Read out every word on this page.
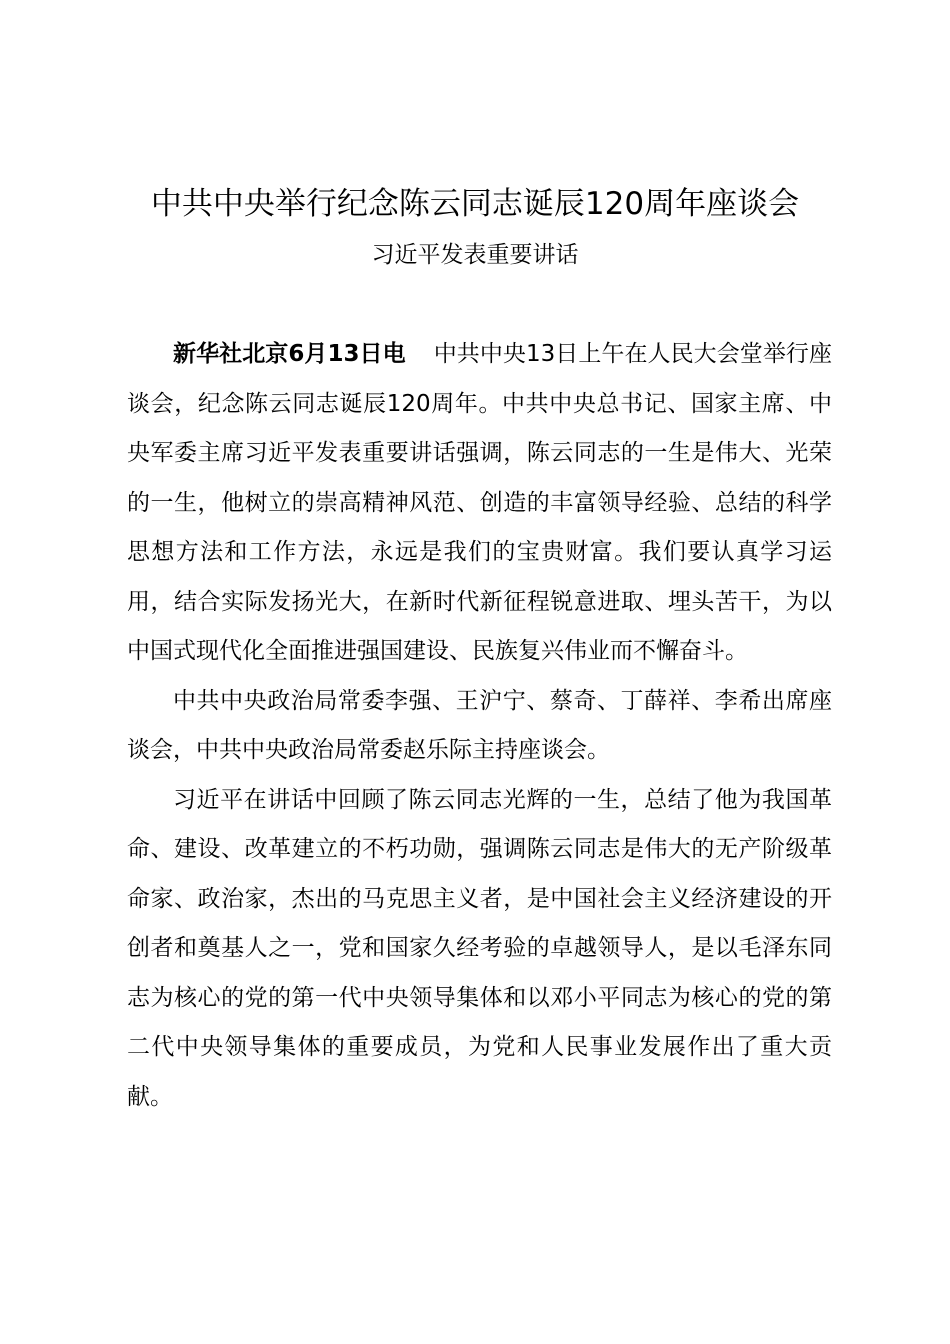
中共中央举行纪念陈云同志诞辰120周年座谈会
习近平发表重要讲话

新华社北京6月13日电 中共中央13日上午在人民大会堂举行座谈会，纪念陈云同志诞辰120周年。中共中央总书记、国家主席、中央军委主席习近平发表重要讲话强调，陈云同志的一生是伟大、光荣的一生，他树立的崇高精神风范、创造的丰富领导经验、总结的科学思想方法和工作方法，永远是我们的宝贵财富。我们要认真学习运用，结合实际发扬光大，在新时代新征程锐意进取、埋头苦干，为以中国式现代化全面推进强国建设、民族复兴伟业而不懈奋斗。

中共中央政治局常委李强、王沪宁、蔡奇、丁薛祥、李希出席座谈会，中共中央政治局常委赵乐际主持座谈会。

习近平在讲话中回顾了陈云同志光辉的一生，总结了他为我国革命、建设、改革建立的不朽功勋，强调陈云同志是伟大的无产阶级革命家、政治家，杰出的马克思主义者，是中国社会主义经济建设的开创者和奠基人之一，党和国家久经考验的卓越领导人，是以毛泽东同志为核心的党的第一代中央领导集体和以邓小平同志为核心的党的第二代中央领导集体的重要成员，为党和人民事业发展作出了重大贡献。
